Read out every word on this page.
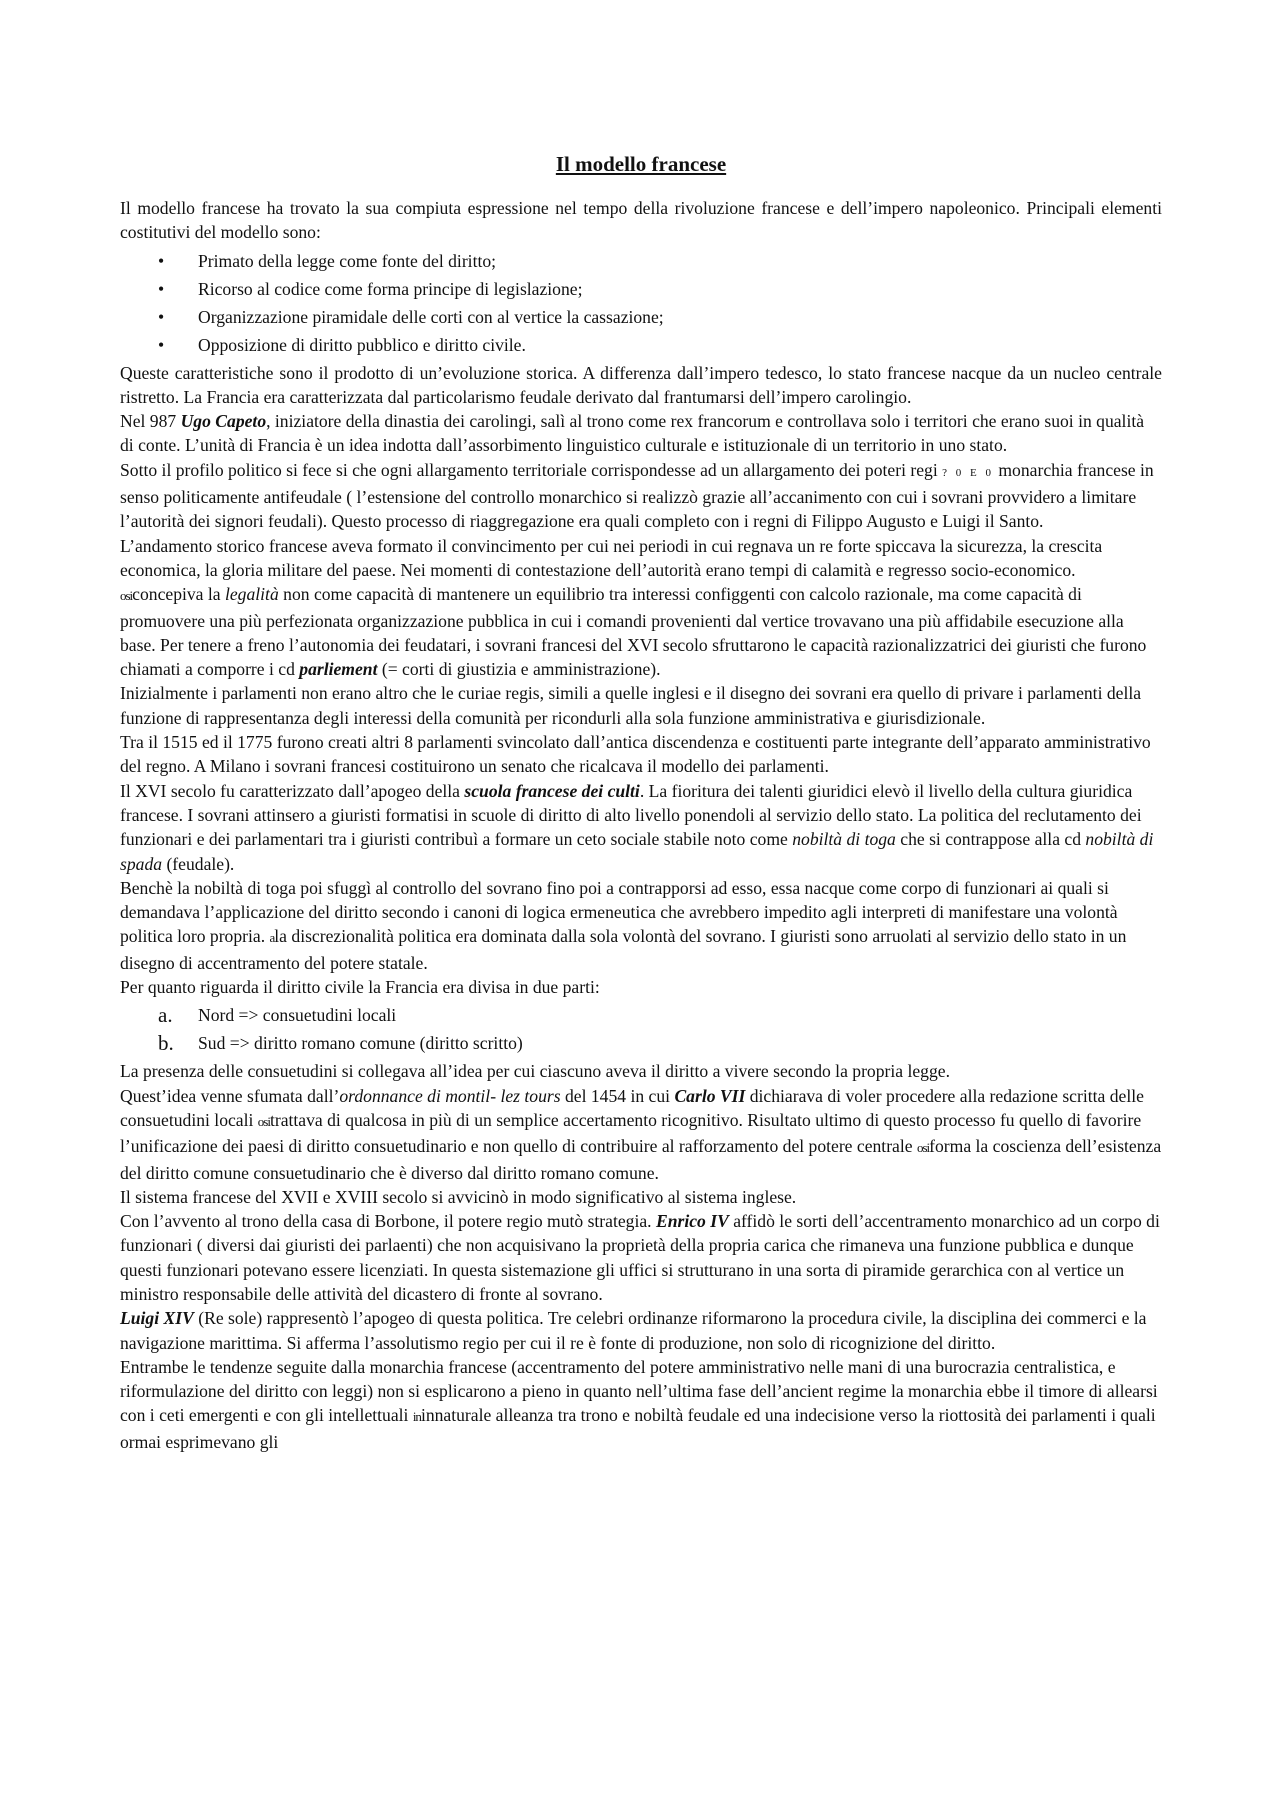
Il modello francese

Il modello francese ha trovato la sua compiuta espressione nel tempo della rivoluzione francese e dell’impero napoleonico. Principali elementi costitutivi del modello sono:

• Primato della legge come fonte del diritto;
• Ricorso al codice come forma principe di legislazione;
• Organizzazione piramidale delle corti con al vertice la cassazione;
• Opposizione di diritto pubblico e diritto civile.

Queste caratteristiche sono il prodotto di un’evoluzione storica. A differenza dall’impero tedesco, lo stato francese nacque da un nucleo centrale ristretto. La Francia era caratterizzata dal particolarismo feudale derivato dal frantumarsi dell’impero carolingio.

Nel 987 Ugo Capeto, iniziatore della dinastia dei carolingi, salì al trono come rex francorum e controllava solo i territori che erano suoi in qualità di conte. L’unità di Francia è un idea indotta dall’assorbimento linguistico culturale e istituzionale di un territorio in uno stato.

Sotto il profilo politico si fece si che ogni allargamento territoriale corrispondesse ad un allargamento dei poteri regi ? 0 E 0 monarchia francese in senso politicamente antifeudale ( l’estensione del controllo monarchico si realizzò grazie all’accanimento con cui i sovrani provvidero a limitare l’autorità dei signori feudali). Questo processo di riaggregazione era quali completo con i regni di Filippo Augusto e Luigi il Santo.

L’andamento storico francese aveva formato il convincimento per cui nei periodi in cui regnava un re forte spiccava la sicurezza, la crescita economica, la gloria militare del paese. Nei momenti di contestazione dell’autorità erano tempi di calamità e regresso socio-economico. osiconcepiva la legalità non come capacità di mantenere un equilibrio tra interessi configgenti con calcolo razionale, ma come capacità di promuovere una più perfezionata organizzazione pubblica in cui i comandi provenienti dal vertice trovavano una più affidabile esecuzione alla base. Per tenere a freno l’autonomia dei feudatari, i sovrani francesi del XVI secolo sfruttarono le capacità razionalizzatrici dei giuristi che furono chiamati a comporre i cd parliement (= corti di giustizia e amministrazione).

Inizialmente i parlamenti non erano altro che le curiae regis, simili a quelle inglesi e il disegno dei sovrani era quello di privare i parlamenti della funzione di rappresentanza degli interessi della comunità per ricondurli alla sola funzione amministrativa e giurisdizionale.

Tra il 1515 ed il 1775 furono creati altri 8 parlamenti svincolato dall’antica discendenza e costituenti parte integrante dell’apparato amministrativo del regno. A Milano i sovrani francesi costituirono un senato che ricalcava il modello dei parlamenti.

Il XVI secolo fu caratterizzato dall’apogeo della scuola francese dei culti. La fioritura dei talenti giuridici elevò il livello della cultura giuridica francese. I sovrani attinsero a giuristi formatisi in scuole di diritto di alto livello ponendoli al servizio dello stato. La politica del reclutamento dei funzionari e dei parlamentari tra i giuristi contribuì a formare un ceto sociale stabile noto come nobiltà di toga che si contrappose alla cd nobiltà di spada (feudale).

Benchè la nobiltà di toga poi sfuggì al controllo del sovrano fino poi a contrapporsi ad esso, essa nacque come corpo di funzionari ai quali si demandava l’applicazione del diritto secondo i canoni di logica ermeneutica che avrebbero impedito agli interpreti di manifestare una volontà politica loro propria. ala discrezionalità politica era dominata dalla sola volontà del sovrano. I giuristi sono arruolati al servizio dello stato in un disegno di accentramento del potere statale.

Per quanto riguarda il diritto civile la Francia era divisa in due parti:

a. Nord => consuetudini locali
b. Sud => diritto romano comune (diritto scritto)

La presenza delle consuetudini si collegava all’idea per cui ciascuno aveva il diritto a vivere secondo la propria legge.

Quest’idea venne sfumata dall’ordonnance di montil- lez tours del 1454 in cui Carlo VII dichiarava di voler procedere alla redazione scritta delle consuetudini locali ositrattava di qualcosa in più di un semplice accertamento ricognitivo. Risultato ultimo di questo processo fu quello di favorire l’unificazione dei paesi di diritto consuetudinario e non quello di contribuire al rafforzamento del potere centrale osiforma la coscienza dell’esistenza del diritto comune consuetudinario che è diverso dal diritto romano comune.

Il sistema francese del XVII e XVIII secolo si avvicinò in modo significativo al sistema inglese.

Con l’avvento al trono della casa di Borbone, il potere regio mutò strategia. Enrico IV affidò le sorti dell’accentramento monarchico ad un corpo di funzionari ( diversi dai giuristi dei parlaenti) che non acquisivano la proprietà della propria carica che rimaneva una funzione pubblica e dunque questi funzionari potevano essere licenziati. In questa sistemazione gli uffici si strutturano in una sorta di piramide gerarchica con al vertice un ministro responsabile delle attività del dicastero di fronte al sovrano.

Luigi XIV (Re sole) rappresentò l’apogeo di questa politica. Tre celebri ordinanze riformarono la procedura civile, la disciplina dei commerci e la navigazione marittima. Si afferma l’assolutismo regio per cui il re è fonte di produzione, non solo di ricognizione del diritto.

Entrambe le tendenze seguite dalla monarchia francese (accentramento del potere amministrativo nelle mani di una burocrazia centralistica, e riformulazione del diritto con leggi) non si esplicarono a pieno in quanto nell’ultima fase dell’ancient regime la monarchia ebbe il timore di allearsi con i ceti emergenti e con gli intellettuali ininnaturale alleanza tra trono e nobiltà feudale ed una indecisione verso la riottosità dei parlamenti i quali ormai esprimevano gli
